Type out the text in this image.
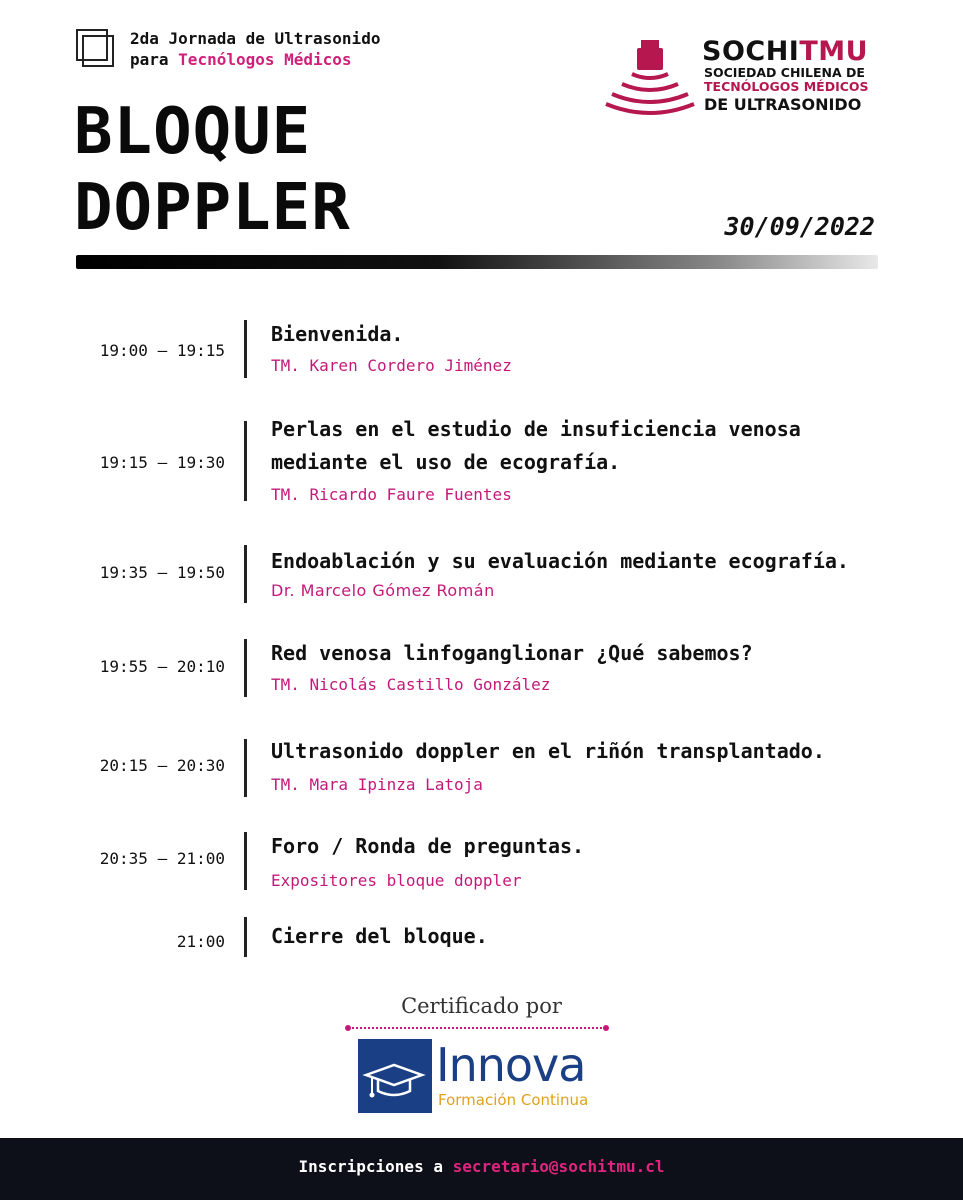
2da Jornada de Ultrasonido
para Tecnólogos Médicos
BLOQUE
DOPPLER	30/09/2022
SOCHITMU
SOCIEDAD CHILENA DE
TECNÓLOGOS MÉDICOS
DE ULTRASONIDO
19:00 – 19:15
Bienvenida.
TM. Karen Cordero Jiménez
19:15 – 19:30
Perlas en el estudio de insuficiencia venosa
mediante el uso de ecografía.
TM. Ricardo Faure Fuentes
19:35 – 19:50 Endoablación y su evaluación mediante ecografía.
Dr. Marcelo Gómez Román
19:55 – 20:10
Red venosa linfoganglionar ¿Qué sabemos?
TM. Nicolás Castillo González
20:15 – 20:30
Ultrasonido doppler en el riñón transplantado.
TM. Mara Ipinza Latoja
20:35 – 21:00
Foro / Ronda de preguntas.
Expositores bloque doppler
21:00 Cierre del bloque.
Certificado por
Innova
Formación Continua
Inscripciones a secretario@sochitmu.cl
